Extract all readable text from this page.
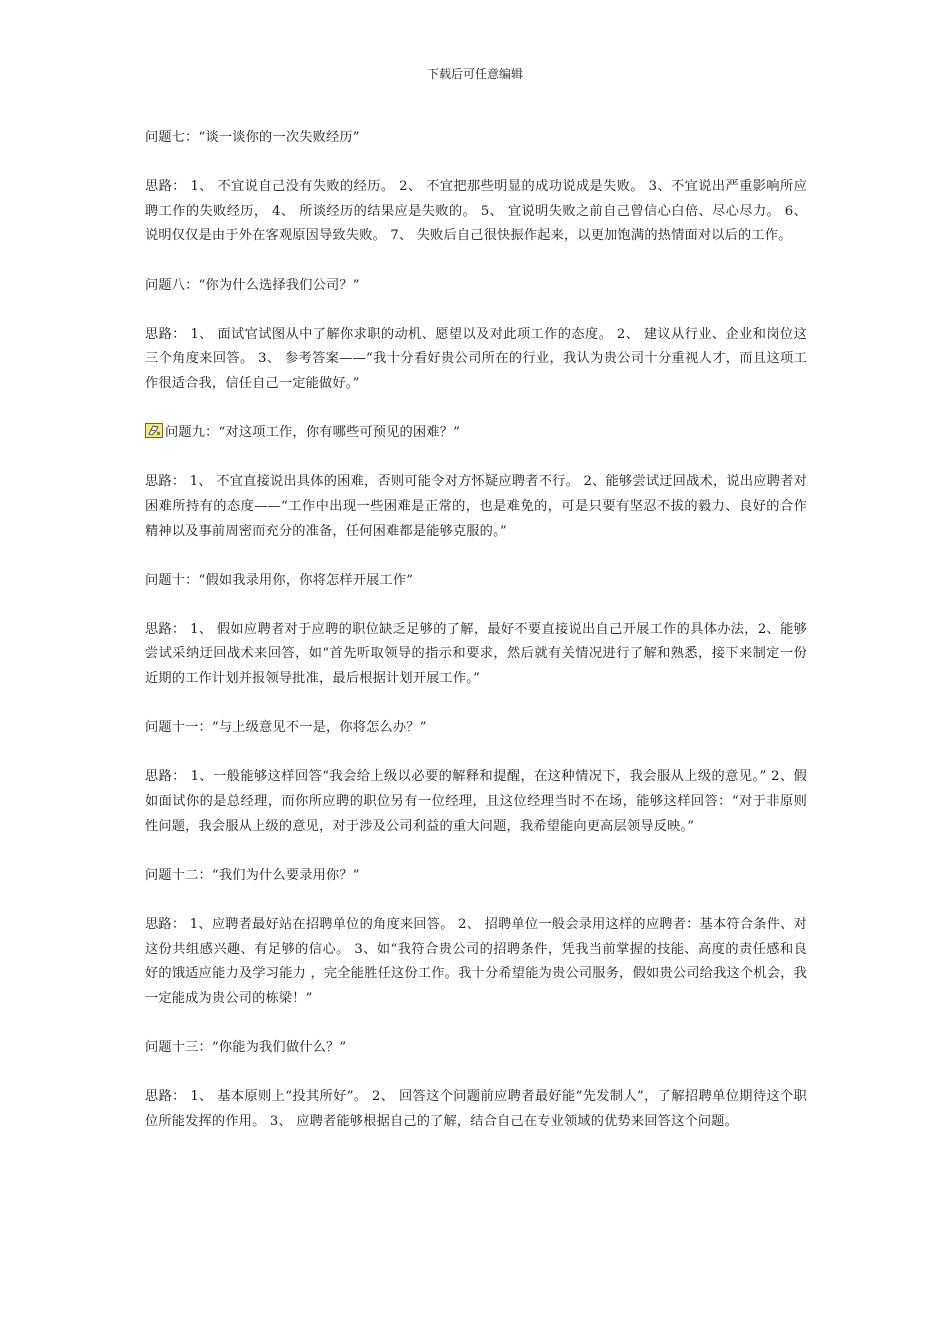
下载后可任意编辑

问题七：“谈一谈你的一次失败经历”

思路： 1、 不宜说自己没有失败的经历。 2、 不宜把那些明显的成功说成是失败。 3、不宜说出严重影响所应聘工作的失败经历， 4、 所谈经历的结果应是失败的。 5、 宜说明失败之前自己曾信心白倍、尽心尽力。 6、说明仅仅是由于外在客观原因导致失败。 7、 失败后自己很快振作起来，以更加饱满的热情面对以后的工作。

问题八：“你为什么选择我们公司？”

思路： 1、 面试官试图从中了解你求职的动机、愿望以及对此项工作的态度。 2、 建议从行业、企业和岗位这三个角度来回答。 3、 参考答案——“我十分看好贵公司所在的行业，我认为贵公司十分重视人才，而且这项工作很适合我，信任自己一定能做好。”

问题九：“对这项工作，你有哪些可预见的困难？”

思路： 1、 不宜直接说出具体的困难，否则可能令对方怀疑应聘者不行。 2、能够尝试迂回战术，说出应聘者对困难所持有的态度——“工作中出现一些困难是正常的，也是难免的，可是只要有坚忍不拔的毅力、良好的合作精神以及事前周密而充分的准备，任何困难都是能够克服的。”

问题十：“假如我录用你，你将怎样开展工作”

思路： 1、 假如应聘者对于应聘的职位缺乏足够的了解，最好不要直接说出自己开展工作的具体办法，2、能够尝试采纳迂回战术来回答，如“首先听取领导的指示和要求，然后就有关情况进行了解和熟悉，接下来制定一份近期的工作计划并报领导批准，最后根据计划开展工作。”

问题十一：“与上级意见不一是，你将怎么办？”

思路： 1、一般能够这样回答“我会给上级以必要的解释和提醒，在这种情况下，我会服从上级的意见。” 2、假如面试你的是总经理，而你所应聘的职位另有一位经理，且这位经理当时不在场，能够这样回答：“对于非原则性问题，我会服从上级的意见，对于涉及公司利益的重大问题，我希望能向更高层领导反映。”

问题十二：“我们为什么要录用你？”

思路： 1、应聘者最好站在招聘单位的角度来回答。 2、 招聘单位一般会录用这样的应聘者：基本符合条件、对这份共组感兴趣、有足够的信心。 3、如“我符合贵公司的招聘条件，凭我当前掌握的技能、高度的责任感和良好的饿适应能力及学习能力 ，完全能胜任这份工作。我十分希望能为贵公司服务，假如贵公司给我这个机会，我一定能成为贵公司的栋梁！”

问题十三：“你能为我们做什么？”

思路： 1、 基本原则上“投其所好”。 2、 回答这个问题前应聘者最好能“先发制人”，了解招聘单位期待这个职位所能发挥的作用。 3、 应聘者能够根据自己的了解，结合自己在专业领域的优势来回答这个问题。
